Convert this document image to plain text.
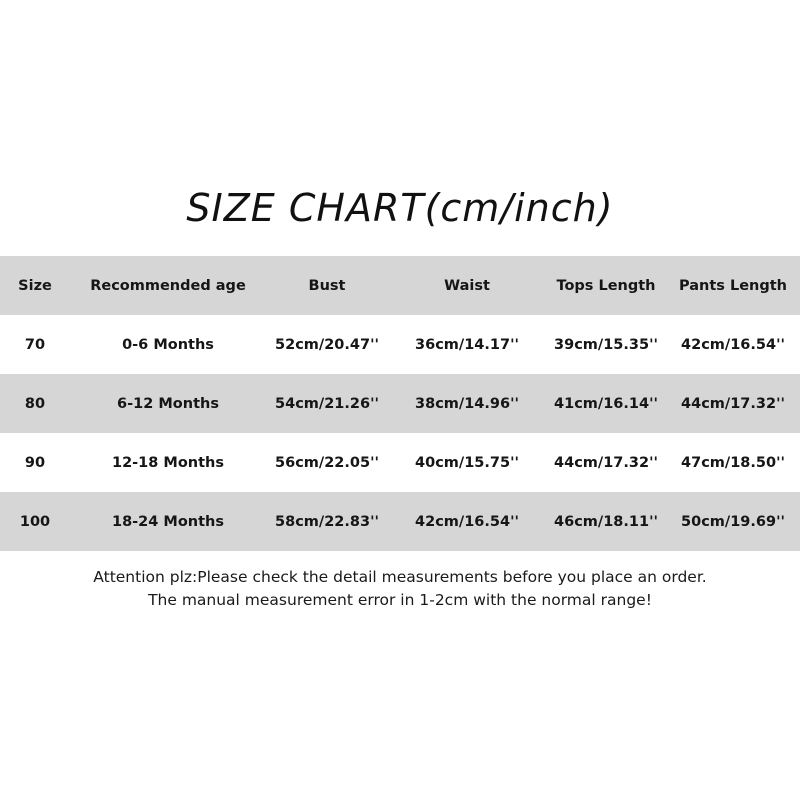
SIZE CHART(cm/inch)
Size	Recommended age	Bust	Waist	Tops Length	Pants Length
70	0-6 Months	52cm/20.47''	36cm/14.17''	39cm/15.35''	42cm/16.54''
80	6-12 Months	54cm/21.26''	38cm/14.96''	41cm/16.14''	44cm/17.32''
90	12-18 Months	56cm/22.05''	40cm/15.75''	44cm/17.32''	47cm/18.50''
100	18-24 Months	58cm/22.83''	42cm/16.54''	46cm/18.11''	50cm/19.69''
Attention plz:Please check the detail measurements before you place an order.
The manual measurement error in 1-2cm with the normal range!
